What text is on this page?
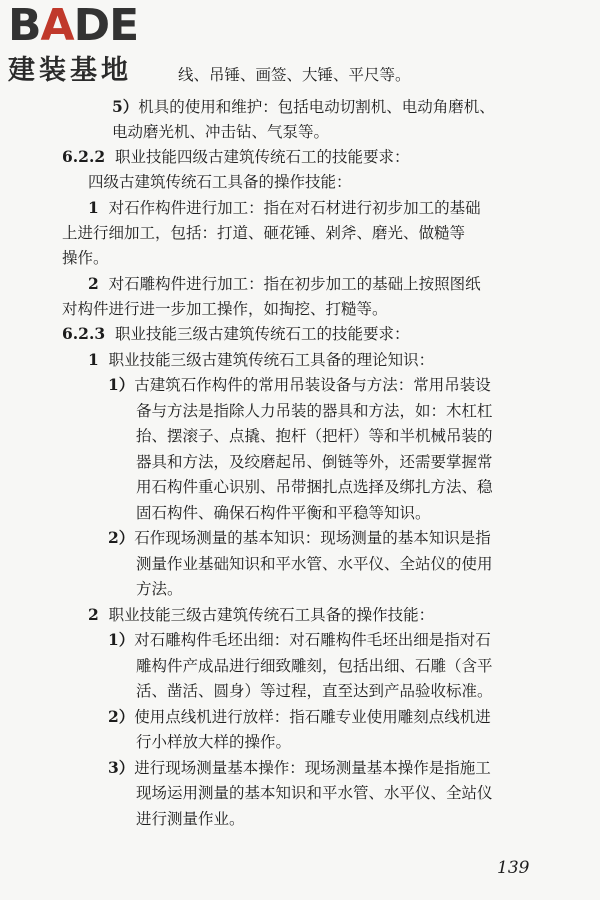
BADE
建装基地	线、吊锤、画签、大锤、平尺等。
5）机具的使用和维护：包括电动切割机、电动角磨机、
电动磨光机、冲击钻、气泵等。
6.2.2 职业技能四级古建筑传统石工的技能要求：
四级古建筑传统石工具备的操作技能：
1 对石作构件进行加工：指在对石材进行初步加工的基础
上进行细加工，包括：打道、砸花锤、剁斧、磨光、做糙等
操作。
2 对石雕构件进行加工：指在初步加工的基础上按照图纸
对构件进行进一步加工操作，如掏挖、打糙等。
6.2.3 职业技能三级古建筑传统石工的技能要求：
1 职业技能三级古建筑传统石工具备的理论知识：
1）古建筑石作构件的常用吊装设备与方法：常用吊装设
备与方法是指除人力吊装的器具和方法，如：木杠杠
抬、摆滚子、点撬、抱杆（把杆）等和半机械吊装的
器具和方法，及绞磨起吊、倒链等外，还需要掌握常
用石构件重心识别、吊带捆扎点选择及绑扎方法、稳
固石构件、确保石构件平衡和平稳等知识。
2）石作现场测量的基本知识：现场测量的基本知识是指
测量作业基础知识和平水管、水平仪、全站仪的使用
方法。
2 职业技能三级古建筑传统石工具备的操作技能：
1）对石雕构件毛坯出细：对石雕构件毛坯出细是指对石
雕构件产成品进行细致雕刻，包括出细、石雕（含平
活、凿活、圆身）等过程，直至达到产品验收标准。
2）使用点线机进行放样：指石雕专业使用雕刻点线机进
行小样放大样的操作。
3）进行现场测量基本操作：现场测量基本操作是指施工
现场运用测量的基本知识和平水管、水平仪、全站仪
进行测量作业。
139
